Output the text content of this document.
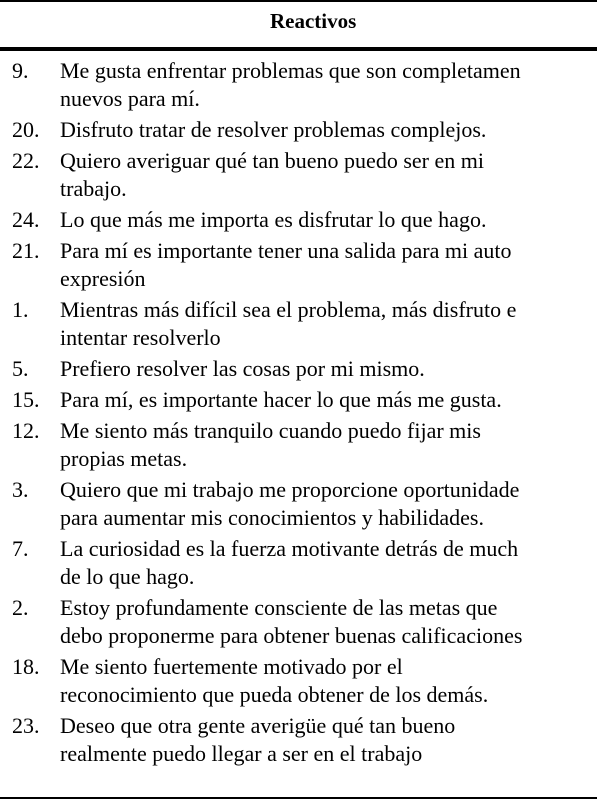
Reactivos
9. Me gusta enfrentar problemas que son completamen
nuevos para mí.
20. Disfruto tratar de resolver problemas complejos.
22. Quiero averiguar qué tan bueno puedo ser en mi
trabajo.
24. Lo que más me importa es disfrutar lo que hago.
21. Para mí es importante tener una salida para mi auto
expresión
1. Mientras más difícil sea el problema, más disfruto e
intentar resolverlo
5. Prefiero resolver las cosas por mi mismo.
15. Para mí, es importante hacer lo que más me gusta.
12. Me siento más tranquilo cuando puedo fijar mis
propias metas.
3. Quiero que mi trabajo me proporcione oportunidade
para aumentar mis conocimientos y habilidades.
7. La curiosidad es la fuerza motivante detrás de much
de lo que hago.
2. Estoy profundamente consciente de las metas que
debo proponerme para obtener buenas calificaciones
18. Me siento fuertemente motivado por el
reconocimiento que pueda obtener de los demás.
23. Deseo que otra gente averigüe qué tan bueno
realmente puedo llegar a ser en el trabajo
